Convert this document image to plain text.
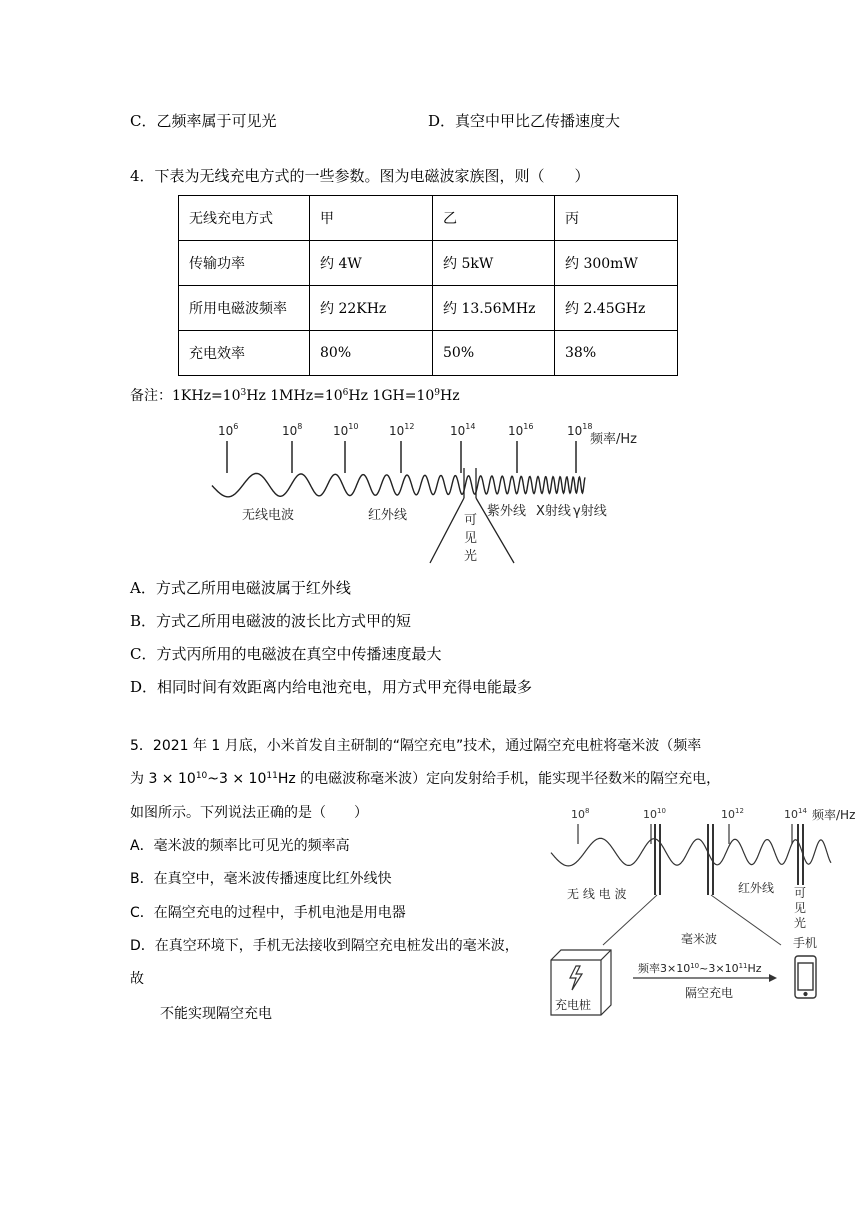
C．乙频率属于可见光	D．真空中甲比乙传播速度大
4．下表为无线充电方式的一些参数。图为电磁波家族图，则（　　）
无线充电方式	甲	乙	丙
传输功率	约 4W	约 5kW	约 300mW
所用电磁波频率	约 22KHz	约 13.56MHz	约 2.45GHz
充电效率	80%	50%	38%
备注：$1KHz=10^3Hz$ $1MHz=10^6Hz$ $1GH=10^9Hz$
$10^6$	$10^8$	$10^{10}$	$10^{12}$	$10^{14}$	$10^{16}$	$10^{18}$
频率/Hz
无线电波	红外线	紫外线 X射线 γ射线
可
见
光
A．方式乙所用电磁波属于红外线
B．方式乙所用电磁波的波长比方式甲的短
C．方式丙所用的电磁波在真空中传播速度最大
D．相同时间有效距离内给电池充电，用方式甲充得电能最多
5．2021 年 1 月底，小米首发自主研制的“隔空充电”技术，通过隔空充电桩将毫米波（频率
为 $3 \times 10^{10}\sim 3 \times 10^{11}Hz$ 的电磁波称毫米波）定向发射给手机，能实现半径数米的隔空充电，
如图所示。下列说法正确的是（　　）
A．毫米波的频率比可见光的频率高
B．在真空中，毫米波传播速度比红外线快
C．在隔空充电的过程中，手机电池是用电器
D．在真空环境下，手机无法接收到隔空充电桩发出的毫米波，
故
不能实现隔空充电
$10^8$	$10^{10}$	$10^{12}$	$10^{14}$ 频率/Hz
无 线 电 波	红外线 可
见
光
毫米波	手机
充电桩
频率$3\times 10^{10}\sim 3\times 10^{11}Hz$
隔空充电
